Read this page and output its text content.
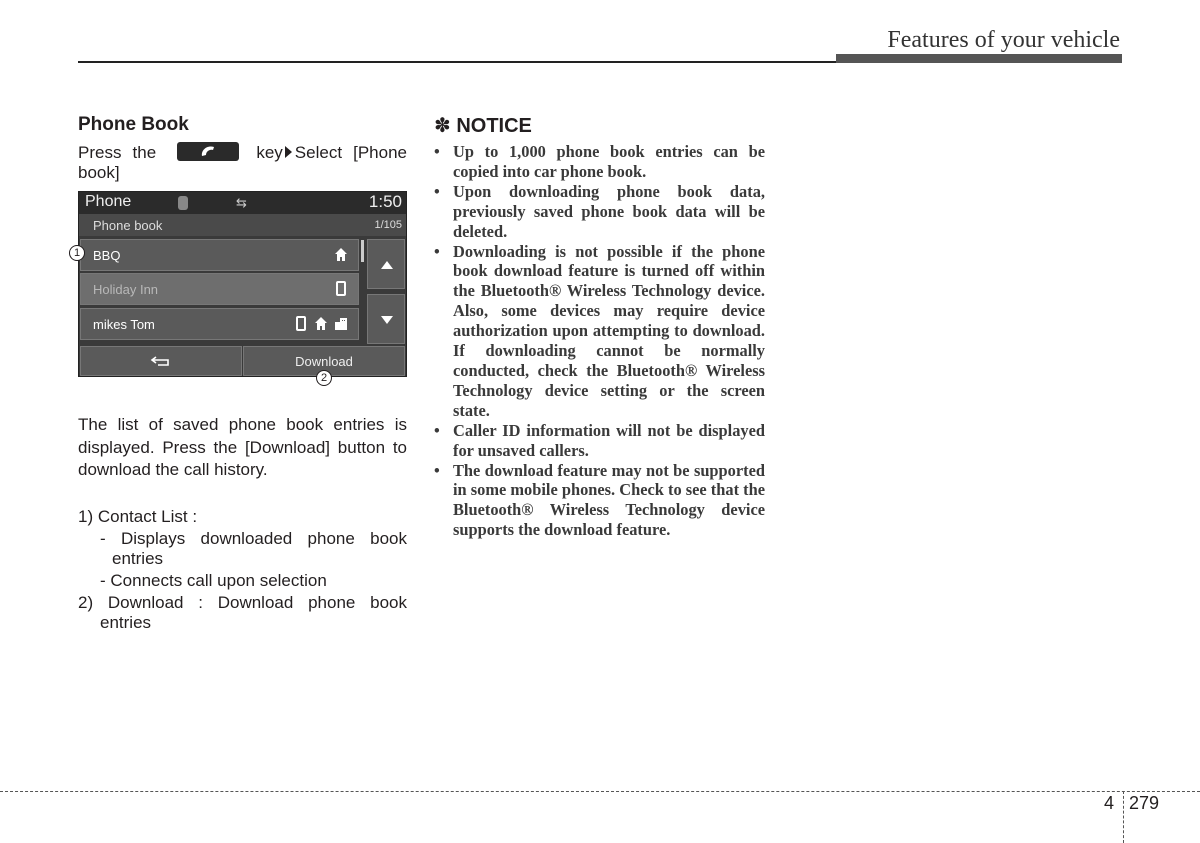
Features of your vehicle
Phone Book
Press the	key Select [Phone book]
Phone	⇆	1:50
Phone book	1/105
BBQ
Holiday Inn
mikes Tom
Download
1
2
The list of saved phone book entries is displayed. Press the [Download] button to download the call history.
1) Contact List :
- Displays downloaded phone book entries
- Connects call upon selection
2) Download : Download phone book entries
✽ NOTICE
• Up to 1,000 phone book entries can be copied into car phone book.
• Upon downloading phone book data, previously saved phone book data will be deleted.
• Downloading is not possible if the phone book download feature is turned off within the Bluetooth® Wireless Technology device. Also, some devices may require device authorization upon attempting to download. If downloading cannot be normally conducted, check the Bluetooth® Wireless Technology device setting or the screen state.
• Caller ID information will not be displayed for unsaved callers.
• The download feature may not be supported in some mobile phones. Check to see that the Bluetooth® Wireless Technology device supports the download feature.
4 279
